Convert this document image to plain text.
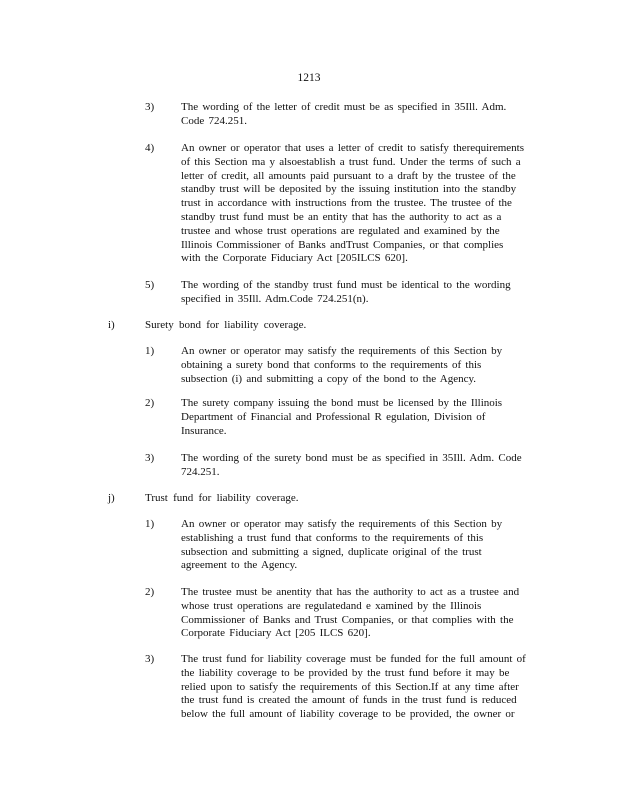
1213
3) The wording of the letter of credit must be as specified in 35Ill. Adm.
Code 724.251.
4) An owner or operator that uses a letter of credit to satisfy therequirements
of this Section ma y alsoestablish a trust fund. Under the terms of such a
letter of credit, all amounts paid pursuant to a draft by the trustee of the
standby trust will be deposited by the issuing institution into the standby
trust in accordance with instructions from the trustee. The trustee of the
standby trust fund must be an entity that has the authority to act as a
trustee and whose trust operations are regulated and examined by the
Illinois Commissioner of Banks andTrust Companies, or that complies
with the Corporate Fiduciary Act [205ILCS 620].
5) The wording of the standby trust fund must be identical to the wording
specified in 35Ill. Adm.Code 724.251(n).
i)	Surety bond for liability coverage.
1) An owner or operator may satisfy the requirements of this Section by
obtaining a surety bond that conforms to the requirements of this
subsection (i) and submitting a copy of the bond to the Agency.
2) The surety company issuing the bond must be licensed by the Illinois
Department of Financial and Professional R egulation, Division of
Insurance.
3) The wording of the surety bond must be as specified in 35Ill. Adm. Code
724.251.
j)	Trust fund for liability coverage.
1) An owner or operator may satisfy the requirements of this Section by
establishing a trust fund that conforms to the requirements of this
subsection and submitting a signed, duplicate original of the trust
agreement to the Agency.
2) The trustee must be anentity that has the authority to act as a trustee and
whose trust operations are regulatedand e xamined by the Illinois
Commissioner of Banks and Trust Companies, or that complies with the
Corporate Fiduciary Act [205 ILCS 620].
3) The trust fund for liability coverage must be funded for the full amount of
the liability coverage to be provided by the trust fund before it may be
relied upon to satisfy the requirements of this Section.If at any time after
the trust fund is created the amount of funds in the trust fund is reduced
below the full amount of liability coverage to be provided, the owner or
